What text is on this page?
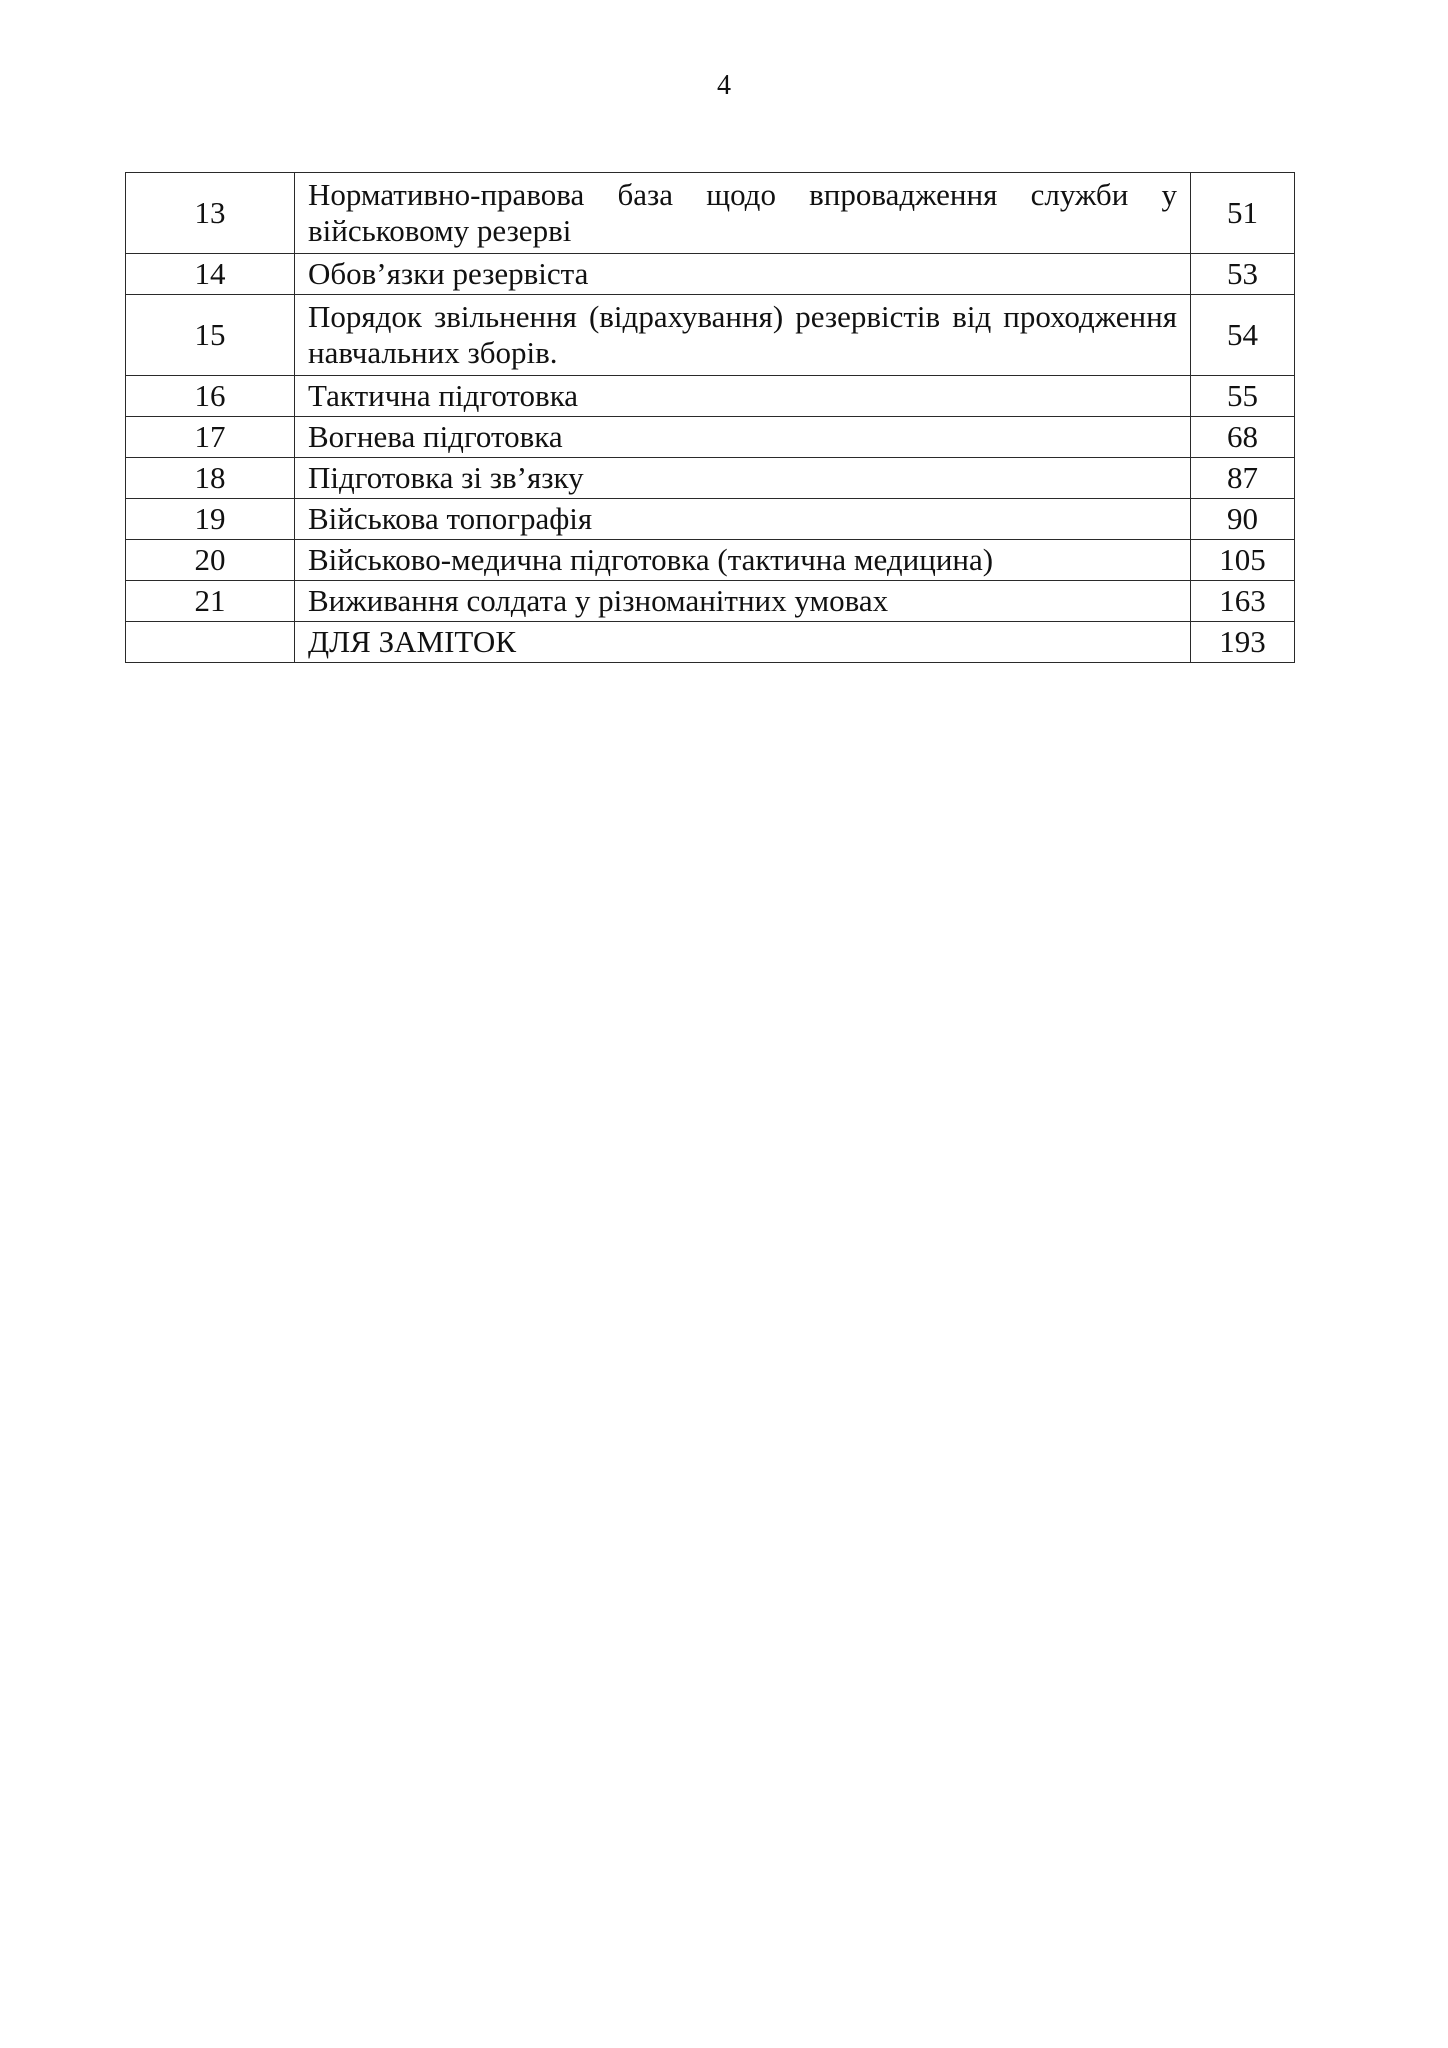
4
13	Нормативно-правова база щодо впровадження служби у військовому резерві	51
14	Обов’язки резервіста	53
15	Порядок звільнення (відрахування) резервістів від проходження навчальних зборів.	54
16	Тактична підготовка	55
17	Вогнева підготовка	68
18	Підготовка зі зв’язку	87
19	Військова топографія	90
20	Військово-медична підготовка (тактична медицина)	105
21	Виживання солдата у різноманітних умовах	163
	ДЛЯ ЗАМІТОК	193
